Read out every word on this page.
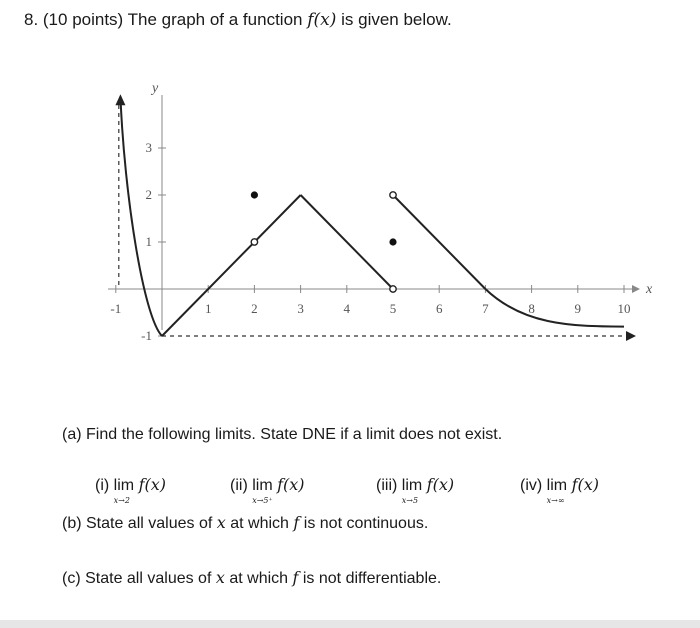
8. (10 points) The graph of a function f(x) is given below.
-1	1	2	3	4	5	6	7	8	9	10
-1
1
2
3
y
x
(a) Find the following limits. State DNE if a limit does not exist.
(i) lim
x→2
f(x)	(ii) lim
x→5⁺
f(x)	(iii) lim
x→5
f(x)	(iv) lim
x→∞
f(x)
(b) State all values of x at which f is not continuous.
(c) State all values of x at which f is not differentiable.
